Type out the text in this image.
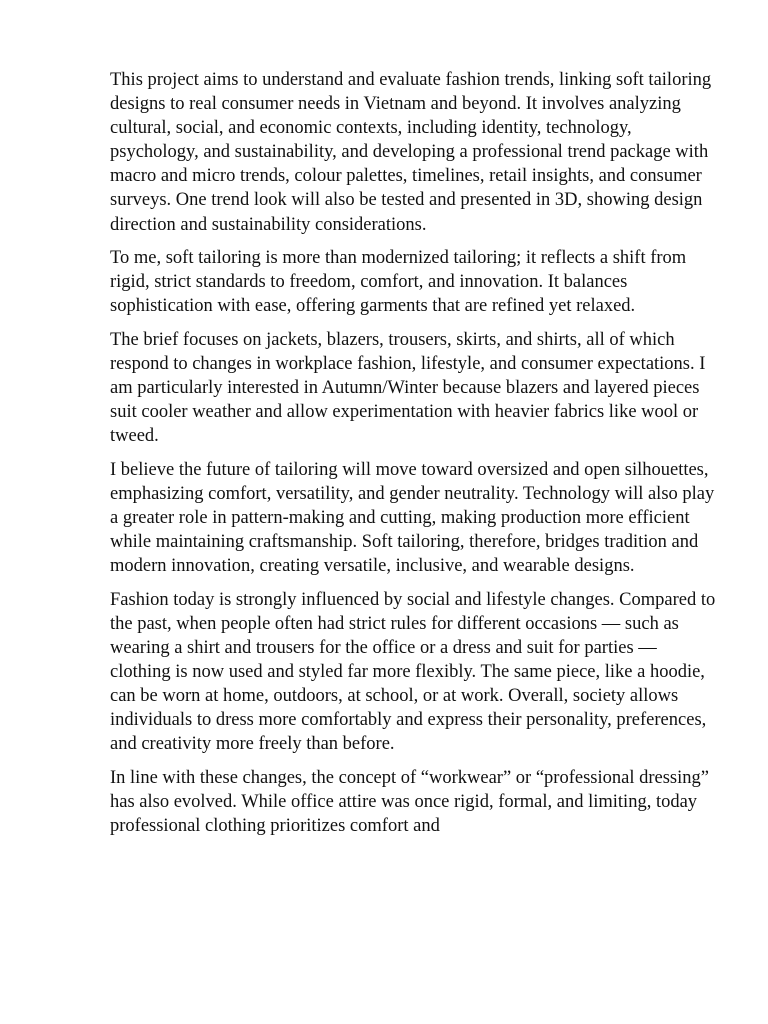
This project aims to understand and evaluate fashion trends, linking soft tailoring designs to real consumer needs in Vietnam and beyond. It involves analyzing cultural, social, and economic contexts, including identity, technology, psychology, and sustainability, and developing a professional trend package with macro and micro trends, colour palettes, timelines, retail insights, and consumer surveys. One trend look will also be tested and presented in 3D, showing design direction and sustainability considerations.

To me, soft tailoring is more than modernized tailoring; it reflects a shift from rigid, strict standards to freedom, comfort, and innovation. It balances sophistication with ease, offering garments that are refined yet relaxed.

The brief focuses on jackets, blazers, trousers, skirts, and shirts, all of which respond to changes in workplace fashion, lifestyle, and consumer expectations. I am particularly interested in Autumn/Winter because blazers and layered pieces suit cooler weather and allow experimentation with heavier fabrics like wool or tweed.

I believe the future of tailoring will move toward oversized and open silhouettes, emphasizing comfort, versatility, and gender neutrality. Technology will also play a greater role in pattern-making and cutting, making production more efficient while maintaining craftsmanship. Soft tailoring, therefore, bridges tradition and modern innovation, creating versatile, inclusive, and wearable designs.

Fashion today is strongly influenced by social and lifestyle changes. Compared to the past, when people often had strict rules for different occasions — such as wearing a shirt and trousers for the office or a dress and suit for parties — clothing is now used and styled far more flexibly. The same piece, like a hoodie, can be worn at home, outdoors, at school, or at work. Overall, society allows individuals to dress more comfortably and express their personality, preferences, and creativity more freely than before.

In line with these changes, the concept of “workwear” or “professional dressing” has also evolved. While office attire was once rigid, formal, and limiting, today professional clothing prioritizes comfort and
